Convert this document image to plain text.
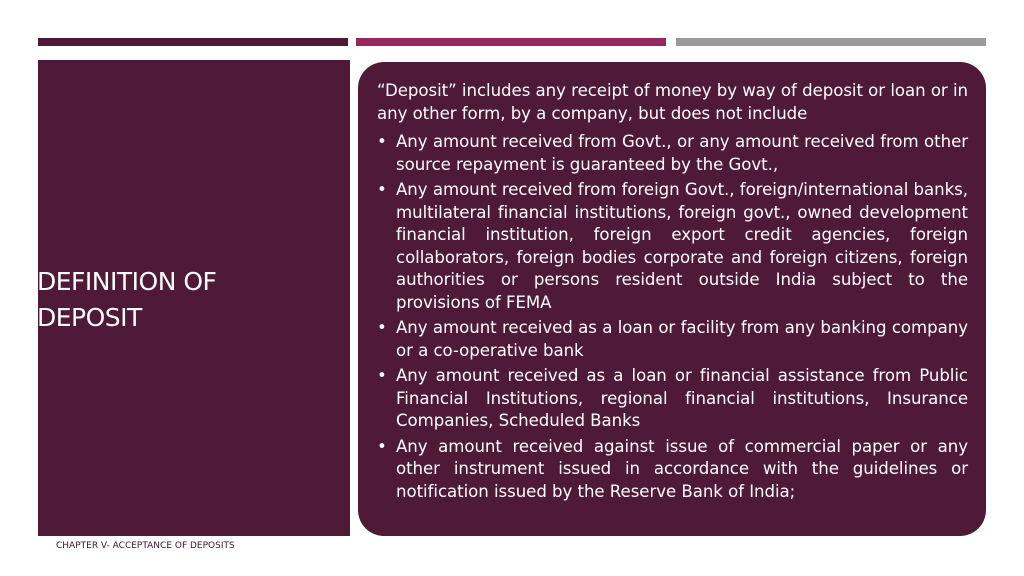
DEFINITION OF DEPOSIT

“Deposit” includes any receipt of money by way of deposit or loan or in any other form, by a company, but does not include

• Any amount received from Govt., or any amount received from other source repayment is guaranteed by the Govt.,
• Any amount received from foreign Govt., foreign/international banks, multilateral financial institutions, foreign govt., owned development financial institution, foreign export credit agencies, foreign collaborators, foreign bodies corporate and foreign citizens, foreign authorities or persons resident outside India subject to the provisions of FEMA
• Any amount received as a loan or facility from any banking company or a co-operative bank
• Any amount received as a loan or financial assistance from Public Financial Institutions, regional financial institutions, Insurance Companies, Scheduled Banks
• Any amount received against issue of commercial paper or any other instrument issued in accordance with the guidelines or notification issued by the Reserve Bank of India;
CHAPTER V- ACCEPTANCE OF DEPOSITS
